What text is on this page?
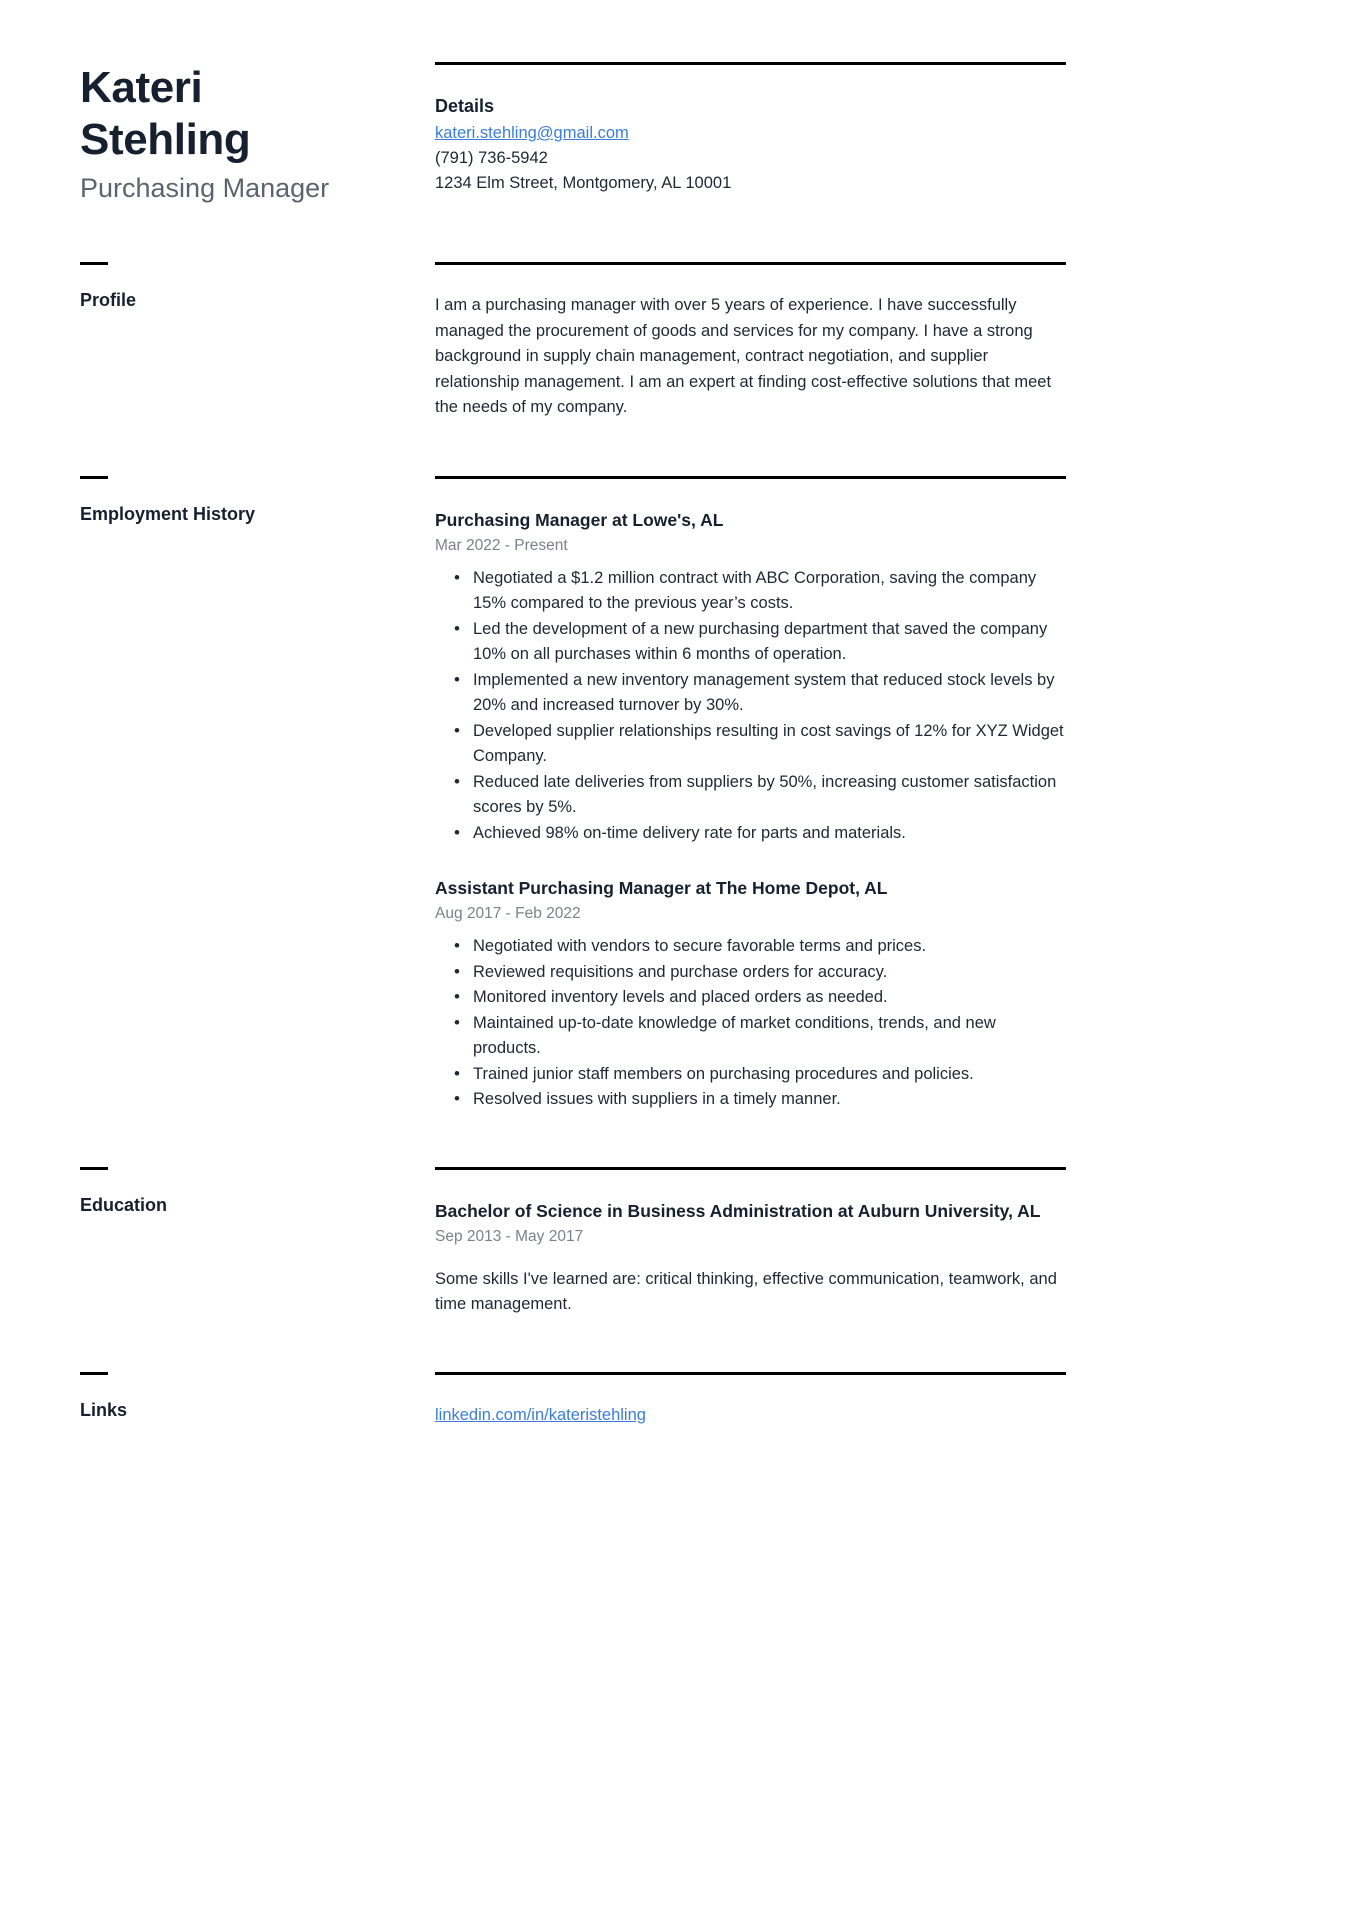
Kateri
Stehling
Purchasing Manager
Details
kateri.stehling@gmail.com
(791) 736-5942
1234 Elm Street, Montgomery, AL 10001
Profile	I am a purchasing manager with over 5 years of experience. I have successfully managed the procurement of goods and services for my company. I have a strong background in supply chain management, contract negotiation, and supplier relationship management. I am an expert at finding cost-effective solutions that meet the needs of my company.
Employment History	Purchasing Manager at Lowe's, AL
Mar 2022 - Present
• Negotiated a $1.2 million contract with ABC Corporation, saving the company 15% compared to the previous year’s costs.
• Led the development of a new purchasing department that saved the company 10% on all purchases within 6 months of operation.
• Implemented a new inventory management system that reduced stock levels by 20% and increased turnover by 30%.
• Developed supplier relationships resulting in cost savings of 12% for XYZ Widget Company.
• Reduced late deliveries from suppliers by 50%, increasing customer satisfaction scores by 5%.
• Achieved 98% on-time delivery rate for parts and materials.
Assistant Purchasing Manager at The Home Depot, AL
Aug 2017 - Feb 2022
• Negotiated with vendors to secure favorable terms and prices.
• Reviewed requisitions and purchase orders for accuracy.
• Monitored inventory levels and placed orders as needed.
• Maintained up-to-date knowledge of market conditions, trends, and new products.
• Trained junior staff members on purchasing procedures and policies.
• Resolved issues with suppliers in a timely manner.
Education	Bachelor of Science in Business Administration at Auburn University, AL
Sep 2013 - May 2017
Some skills I've learned are: critical thinking, effective communication, teamwork, and time management.
Links	linkedin.com/in/kateristehling
